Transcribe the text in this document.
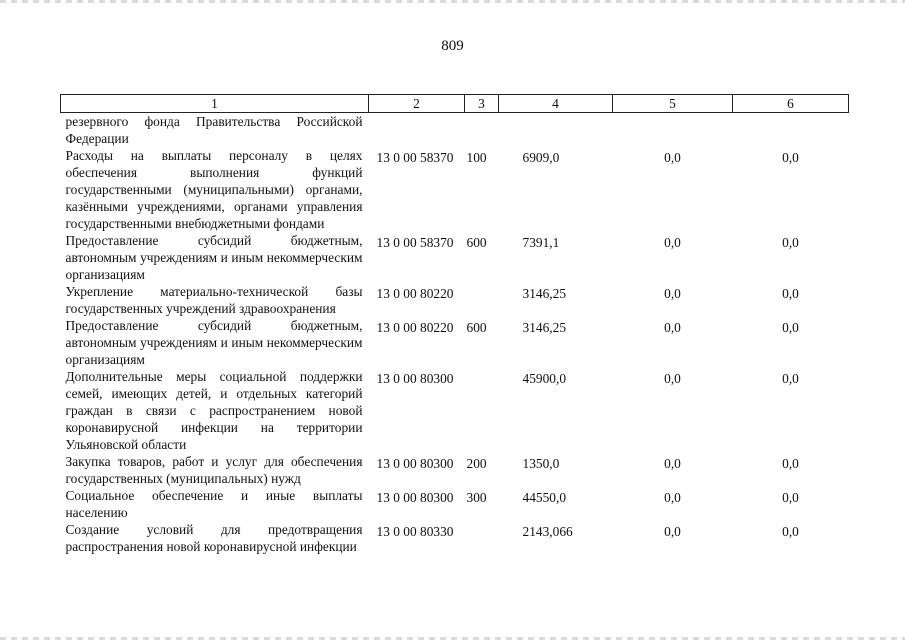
809
1	2	3	4	5	6
резервного фонда Правительства Российской Федерации					
Расходы на выплаты персоналу в целях обеспечения выполнения функций государственными (муниципальными) органами, казёнными учреждениями, органами управления государственными внебюджетными фондами	13 0 00 58370	100	6909,0	0,0	0,0
Предоставление субсидий бюджетным, автономным учреждениям и иным некоммерческим организациям	13 0 00 58370	600	7391,1	0,0	0,0
Укрепление материально-технической базы государственных учреждений здравоохранения	13 0 00 80220		3146,25	0,0	0,0
Предоставление субсидий бюджетным, автономным учреждениям и иным некоммерческим организациям	13 0 00 80220	600	3146,25	0,0	0,0
Дополнительные меры социальной поддержки семей, имеющих детей, и отдельных категорий граждан в связи с распространением новой коронавирусной инфекции на территории Ульяновской области	13 0 00 80300		45900,0	0,0	0,0
Закупка товаров, работ и услуг для обеспечения государственных (муниципальных) нужд	13 0 00 80300	200	1350,0	0,0	0,0
Социальное обеспечение и иные выплаты населению	13 0 00 80300	300	44550,0	0,0	0,0
Создание условий для предотвращения распространения новой коронавирусной инфекции	13 0 00 80330		2143,066	0,0	0,0
